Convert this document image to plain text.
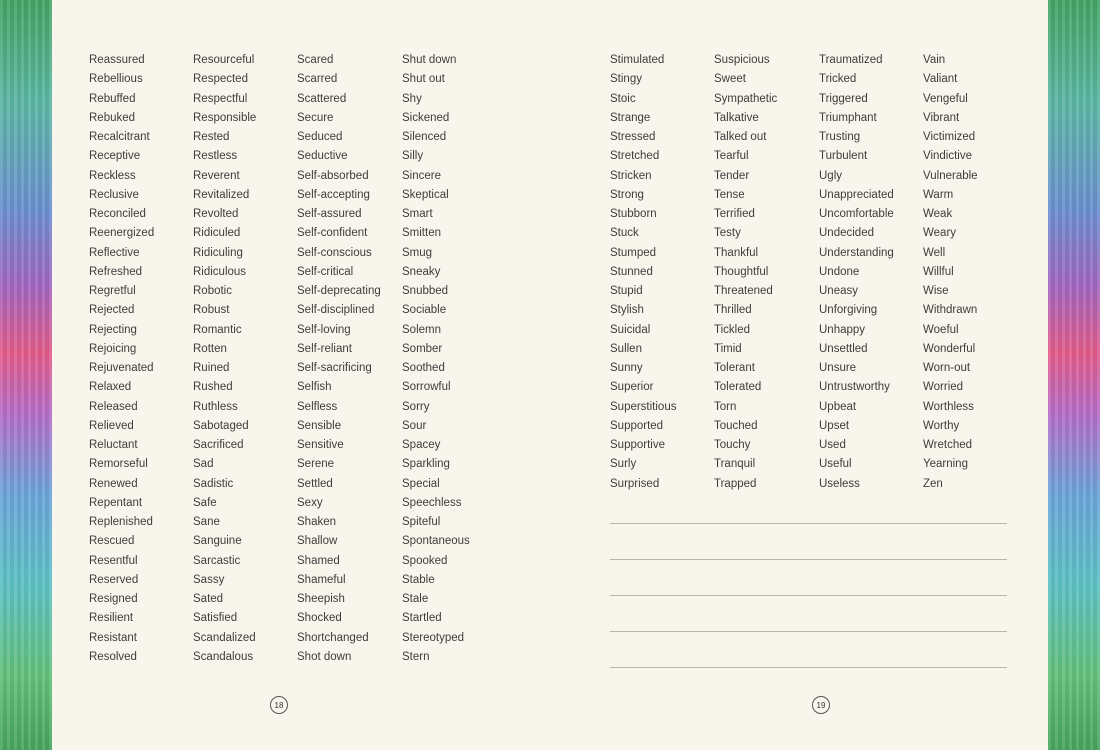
Reassured
Rebellious
Rebuffed
Rebuked
Recalcitrant
Receptive
Reckless
Reclusive
Reconciled
Reenergized
Reflective
Refreshed
Regretful
Rejected
Rejecting
Rejoicing
Rejuvenated
Relaxed
Released
Relieved
Reluctant
Remorseful
Renewed
Repentant
Replenished
Rescued
Resentful
Reserved
Resigned
Resilient
Resistant
Resolved
Resourceful
Respected
Respectful
Responsible
Rested
Restless
Reverent
Revitalized
Revolted
Ridiculed
Ridiculing
Ridiculous
Robotic
Robust
Romantic
Rotten
Ruined
Rushed
Ruthless
Sabotaged
Sacrificed
Sad
Sadistic
Safe
Sane
Sanguine
Sarcastic
Sassy
Sated
Satisfied
Scandalized
Scandalous
Scared
Scarred
Scattered
Secure
Seduced
Seductive
Self-absorbed
Self-accepting
Self-assured
Self-confident
Self-conscious
Self-critical
Self-deprecating
Self-disciplined
Self-loving
Self-reliant
Self-sacrificing
Selfish
Selfless
Sensible
Sensitive
Serene
Settled
Sexy
Shaken
Shallow
Shamed
Shameful
Sheepish
Shocked
Shortchanged
Shot down
Shut down
Shut out
Shy
Sickened
Silenced
Silly
Sincere
Skeptical
Smart
Smitten
Smug
Sneaky
Snubbed
Sociable
Solemn
Somber
Soothed
Sorrowful
Sorry
Sour
Spacey
Sparkling
Special
Speechless
Spiteful
Spontaneous
Spooked
Stable
Stale
Startled
Stereotyped
Stern
18
Stimulated
Stingy
Stoic
Strange
Stressed
Stretched
Stricken
Strong
Stubborn
Stuck
Stumped
Stunned
Stupid
Stylish
Suicidal
Sullen
Sunny
Superior
Superstitious
Supported
Supportive
Surly
Surprised
Suspicious
Sweet
Sympathetic
Talkative
Talked out
Tearful
Tender
Tense
Terrified
Testy
Thankful
Thoughtful
Threatened
Thrilled
Tickled
Timid
Tolerant
Tolerated
Torn
Touched
Touchy
Tranquil
Trapped
Traumatized
Tricked
Triggered
Triumphant
Trusting
Turbulent
Ugly
Unappreciated
Uncomfortable
Undecided
Understanding
Undone
Uneasy
Unforgiving
Unhappy
Unsettled
Unsure
Untrustworthy
Upbeat
Upset
Used
Useful
Useless
Vain
Valiant
Vengeful
Vibrant
Victimized
Vindictive
Vulnerable
Warm
Weak
Weary
Well
Willful
Wise
Withdrawn
Woeful
Wonderful
Worn-out
Worried
Worthless
Worthy
Wretched
Yearning
Zen
19
